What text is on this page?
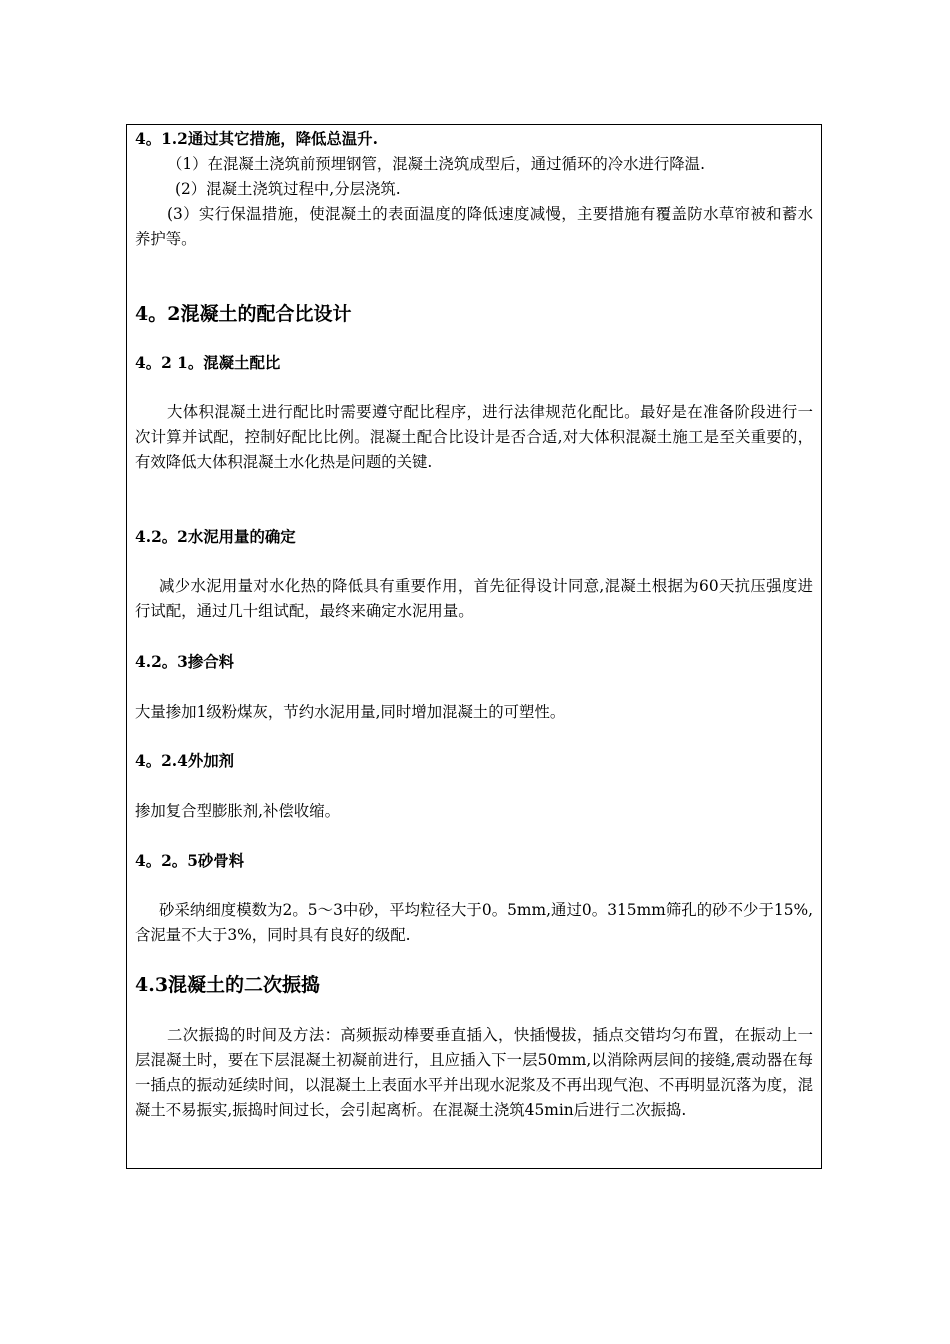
4。1.2通过其它措施，降低总温升.

（1）在混凝土浇筑前预埋钢管，混凝土浇筑成型后，通过循环的冷水进行降温.

(2）混凝土浇筑过程中,分层浇筑.

(3）实行保温措施，使混凝土的表面温度的降低速度减慢，主要措施有覆盖防水草帘被和蓄水养护等。

4。2混凝土的配合比设计

4。2 1。混凝土配比

大体积混凝土进行配比时需要遵守配比程序，进行法律规范化配比。最好是在准备阶段进行一次计算并试配，控制好配比比例。混凝土配合比设计是否合适,对大体积混凝土施工是至关重要的，有效降低大体积混凝土水化热是问题的关键.

4.2。2水泥用量的确定

减少水泥用量对水化热的降低具有重要作用，首先征得设计同意,混凝土根据为60天抗压强度进行试配，通过几十组试配，最终来确定水泥用量。

4.2。3掺合料

大量掺加1级粉煤灰，节约水泥用量,同时增加混凝土的可塑性。

4。2.4外加剂

掺加复合型膨胀剂,补偿收缩。

4。2。5砂骨料

砂采纳细度模数为2。5～3中砂，平均粒径大于0。5mm,通过0。315mm筛孔的砂不少于15%,含泥量不大于3%，同时具有良好的级配.

4.3混凝土的二次振捣

二次振捣的时间及方法：高频振动棒要垂直插入，快插慢拔，插点交错均匀布置，在振动上一层混凝土时，要在下层混凝土初凝前进行，且应插入下一层50mm,以消除两层间的接缝,震动器在每一插点的振动延续时间，以混凝土上表面水平并出现水泥浆及不再出现气泡、不再明显沉落为度，混凝土不易振实,振捣时间过长，会引起离析。在混凝土浇筑45min后进行二次振捣.
